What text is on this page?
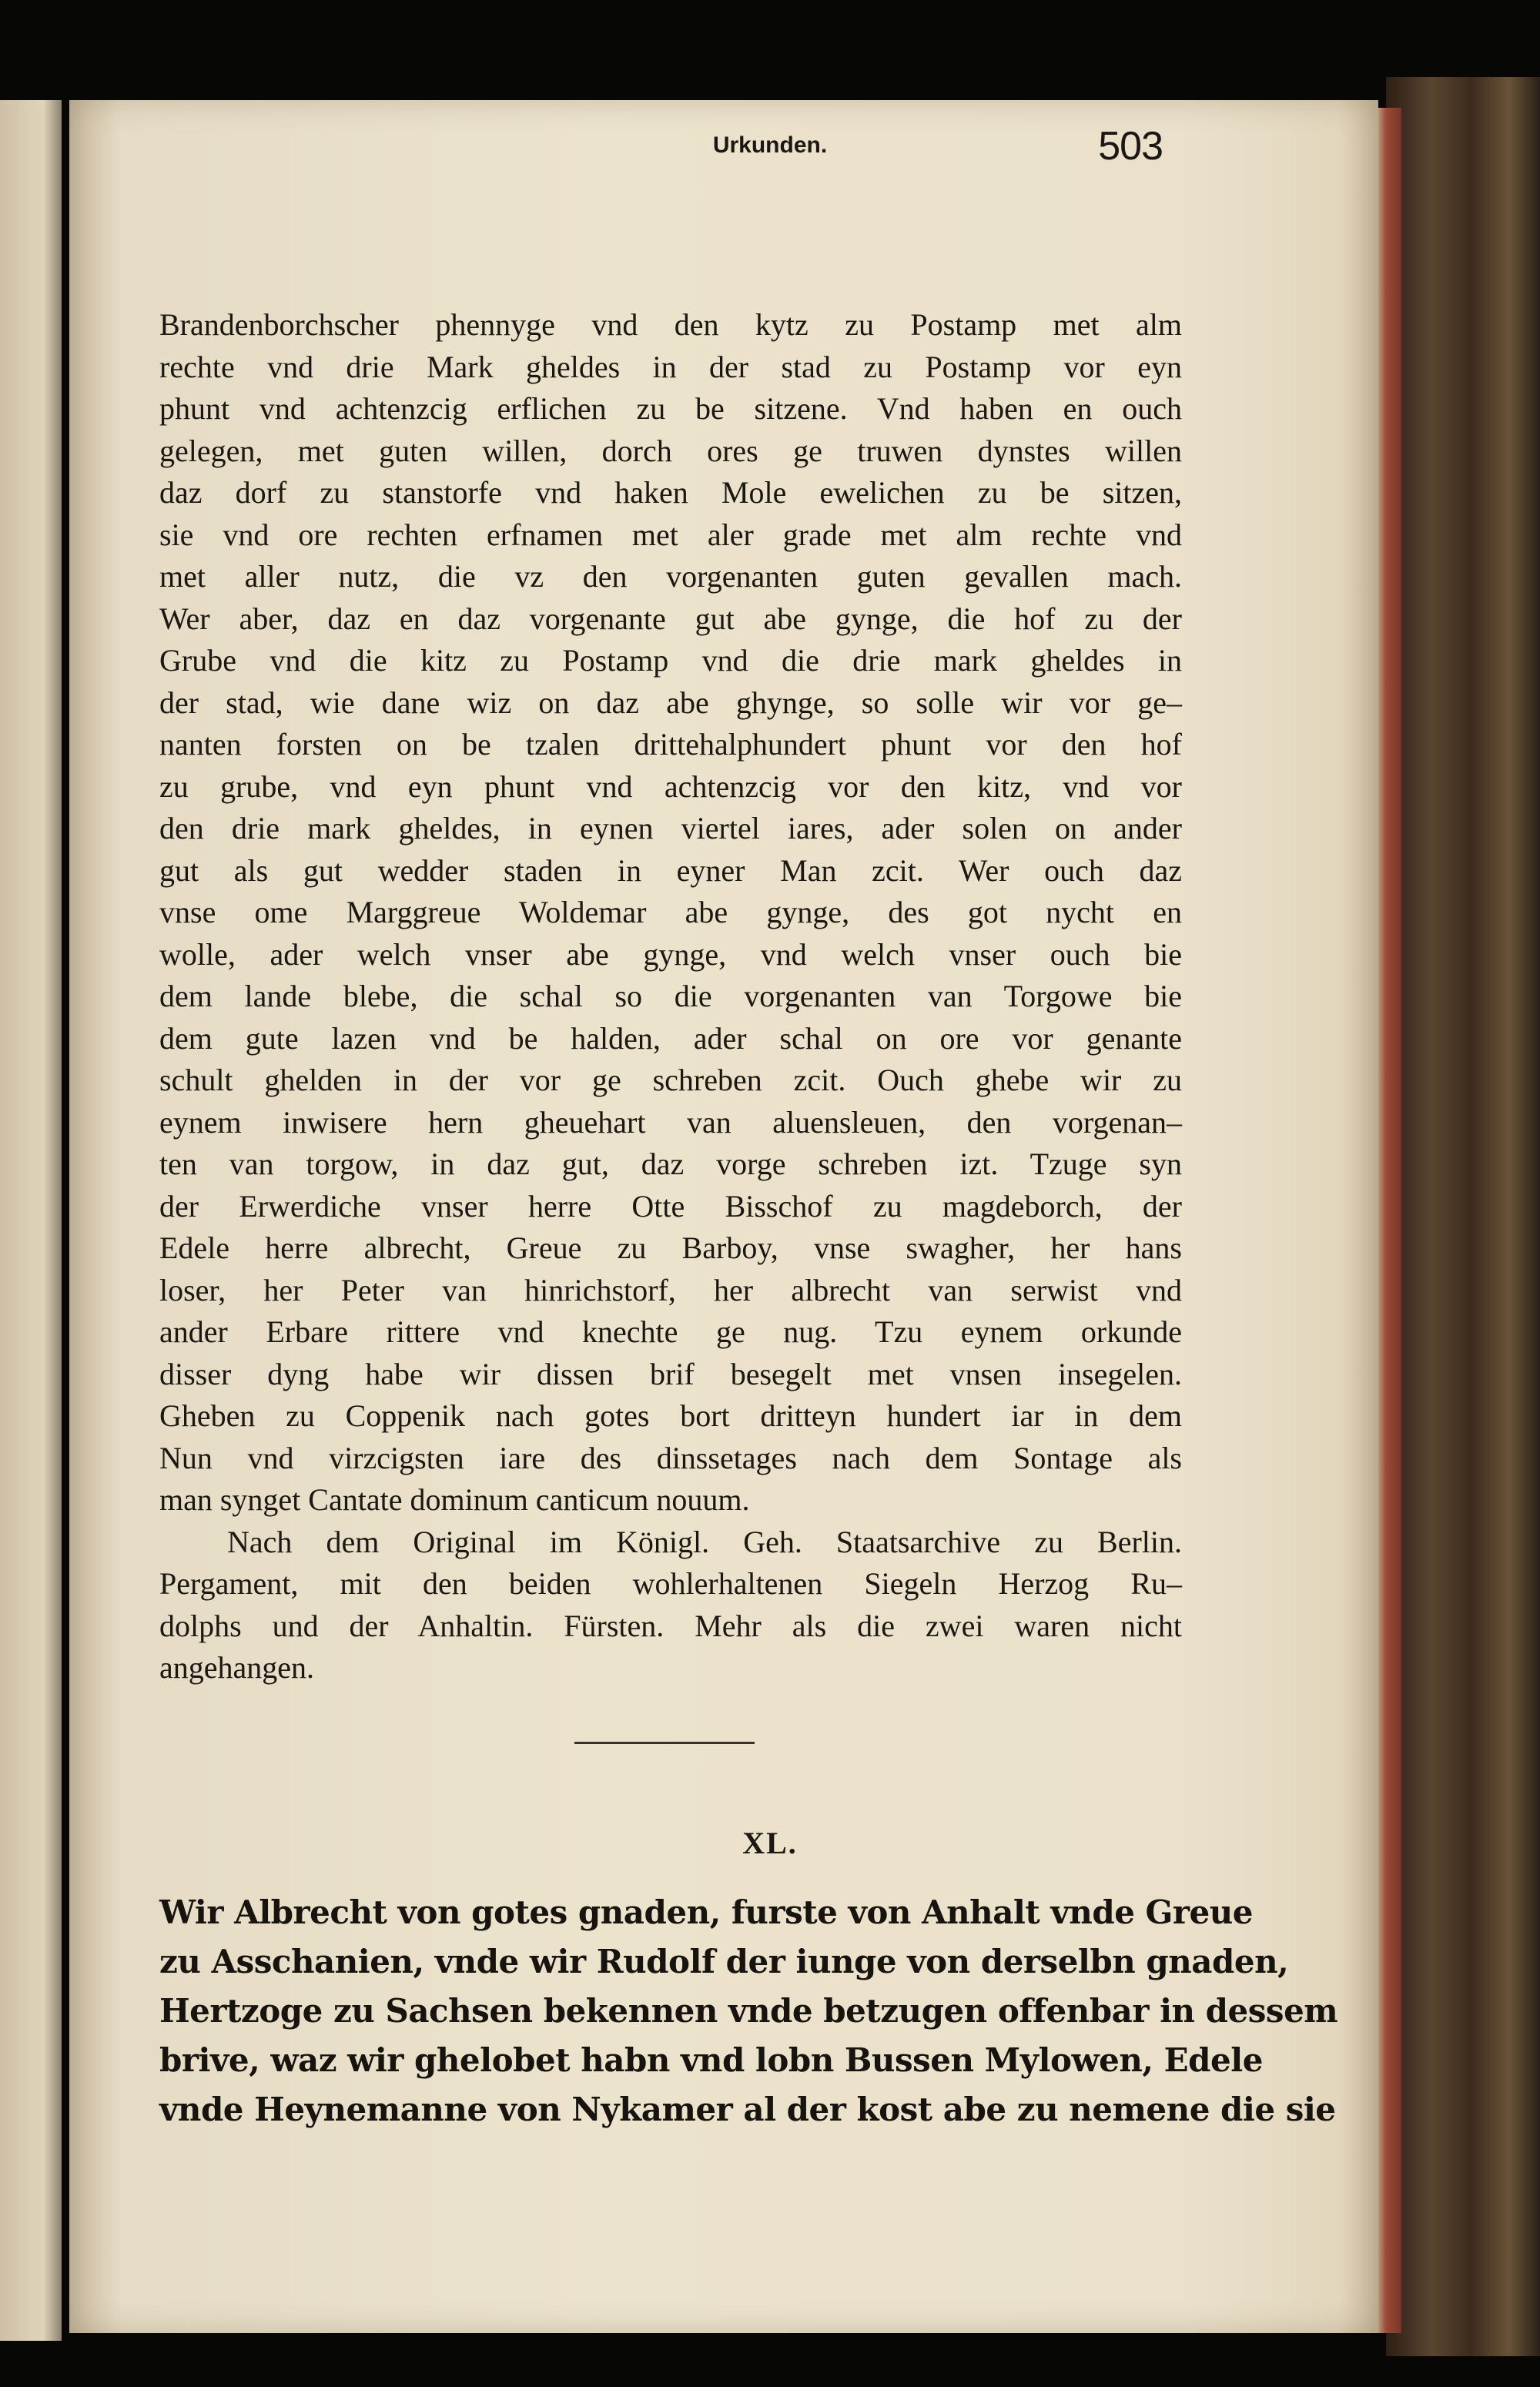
Urkunden.	503
Brandenborchscher phennyge vnd den kytz zu Postamp met alm
rechte vnd drie Mark gheldes in der stad zu Postamp vor eyn
phunt vnd achtenzcig erflichen zu be sitzene. Vnd haben en ouch
gelegen, met guten willen, dorch ores ge truwen dynstes willen
daz dorf zu stanstorfe vnd haken Mole ewelichen zu be sitzen,
sie vnd ore rechten erfnamen met aler grade met alm rechte vnd
met aller nutz, die vz den vorgenanten guten gevallen mach.
Wer aber, daz en daz vorgenante gut abe gynge, die hof zu der
Grube vnd die kitz zu Postamp vnd die drie mark gheldes in
der stad, wie dane wiz on daz abe ghynge, so solle wir vor ge–
nanten forsten on be tzalen drittehalphundert phunt vor den hof
zu grube, vnd eyn phunt vnd achtenzcig vor den kitz, vnd vor
den drie mark gheldes, in eynen viertel iares, ader solen on ander
gut als gut wedder staden in eyner Man zcit. Wer ouch daz
vnse ome Marggreue Woldemar abe gynge, des got nycht en
wolle, ader welch vnser abe gynge, vnd welch vnser ouch bie
dem lande blebe, die schal so die vorgenanten van Torgowe bie
dem gute lazen vnd be halden, ader schal on ore vor genante
schult ghelden in der vor ge schreben zcit. Ouch ghebe wir zu
eynem inwisere hern gheuehart van aluensleuen, den vorgenan–
ten van torgow, in daz gut, daz vorge schreben izt. Tzuge syn
der Erwerdiche vnser herre Otte Bisschof zu magdeborch, der
Edele herre albrecht, Greue zu Barboy, vnse swagher, her hans
loser, her Peter van hinrichstorf, her albrecht van serwist vnd
ander Erbare rittere vnd knechte ge nug. Tzu eynem orkunde
disser dyng habe wir dissen brif besegelt met vnsen insegelen.
Gheben zu Coppenik nach gotes bort dritteyn hundert iar in dem
Nun vnd virzcigsten iare des dinssetages nach dem Sontage als
man synget Cantate dominum canticum nouum.
Nach dem Original im Königl. Geh. Staatsarchive zu Berlin.
Pergament, mit den beiden wohlerhaltenen Siegeln Herzog Ru–
dolphs und der Anhaltin. Fürsten. Mehr als die zwei waren nicht
angehangen.
XL.
Wir Albrecht von gotes gnaden, furste von Anhalt vnde Greue
zu Asschanien, vnde wir Rudolf der iunge von derselbn gnaden,
Hertzoge zu Sachsen bekennen vnde betzugen offenbar in dessem
brive, waz wir ghelobet habn vnd lobn Bussen Mylowen, Edele
vnde Heynemanne von Nykamer al der kost abe zu nemene die sie
